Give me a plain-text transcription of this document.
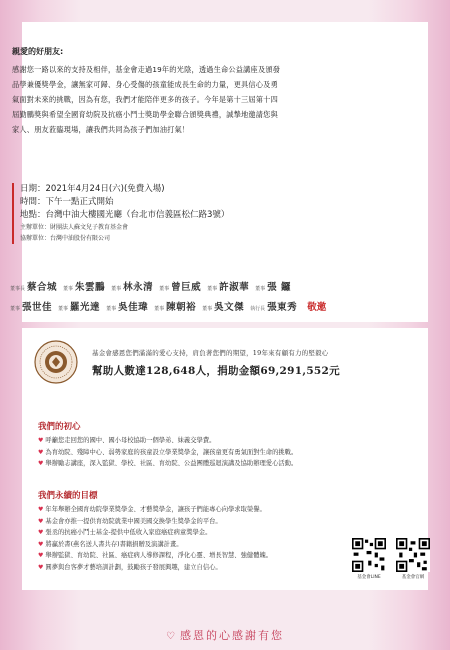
親愛的好朋友:
感謝您一路以來的支持及相伴，基金會走過19年的光陰，透過生命公益講座及頒發
品學兼優獎學金，讓無家可歸、身心受傷的孩童能成長生命的力量，更具信心及勇
氣面對未來的挑戰，因為有您，我們才能陪伴更多的孩子。今年是第十三屆第十四
屆勤鵬獎與希望全國育幼院及抗癌小鬥士獎助學金聯合頒獎典禮，誠摯地邀請您與
家人、朋友蒞臨現場，讓我們共同為孩子們加油打氣！
日期：2021年4月24日(六)(免費入場)
時間：下午一點正式開始
地點：台灣中油大樓國光廳（台北市信義區松仁路3號）
主辦單位：財團法人蘇文兒子教育基金會
協辦單位：台灣中油股份有限公司
董事長 蔡合城 董事 朱雲鵬 董事 林永清 董事 曾巨威 董事 許淑華 董事 張 鑼
董事 張世佳 董事 羅光達 董事 吳佳瑋 董事 陳朝裕 董事 吳文傑 執行長 張東秀 敬邀
基金會感恩您們滿滿的愛心支持，肩負著您們的期望，19年來有顧有力的堅毅心
幫助人數達128,648人，捐助金額69,291,552元
我們的初心
♥ 呼籲您走回您的國中、國小母校協助一個學弟、妹義交學費。
♥ 為育幼院、殘障中心、弱勢家庭的孩童設立學業獎學金，讓孩童更有勇氣面對生命的挑戰。
♥ 舉辦勵志講座，深入監獄、學校、社區、育幼院、公益團體巡迴演講及協助辦理愛心活動。
我們永續的目標
♥ 年年舉辦全國育幼院學業獎學金、才藝獎學金，讓孩子們能專心向學求取榮譽。
♥ 基金會亦推一提供育幼院就業中國美國交換學生獎學金的平台。
♥ 張丞的抗癌小鬥士基金-提供中低收入家庭癌症病童獎學金。
♥ 將贏於書(燕名送人書共存)書籍捐贈及演講計畫。
♥ 舉辦監獄、育幼院、社區、癌症病人導修課程，淨化心靈、增長智慧、強健體魄。
♥ 圓夢與台客夢才藝培訓計劃，鼓勵孩子發展興趣，建立自信心。
基金會LINE	基金會官網
♡ 感恩的心感謝有您
